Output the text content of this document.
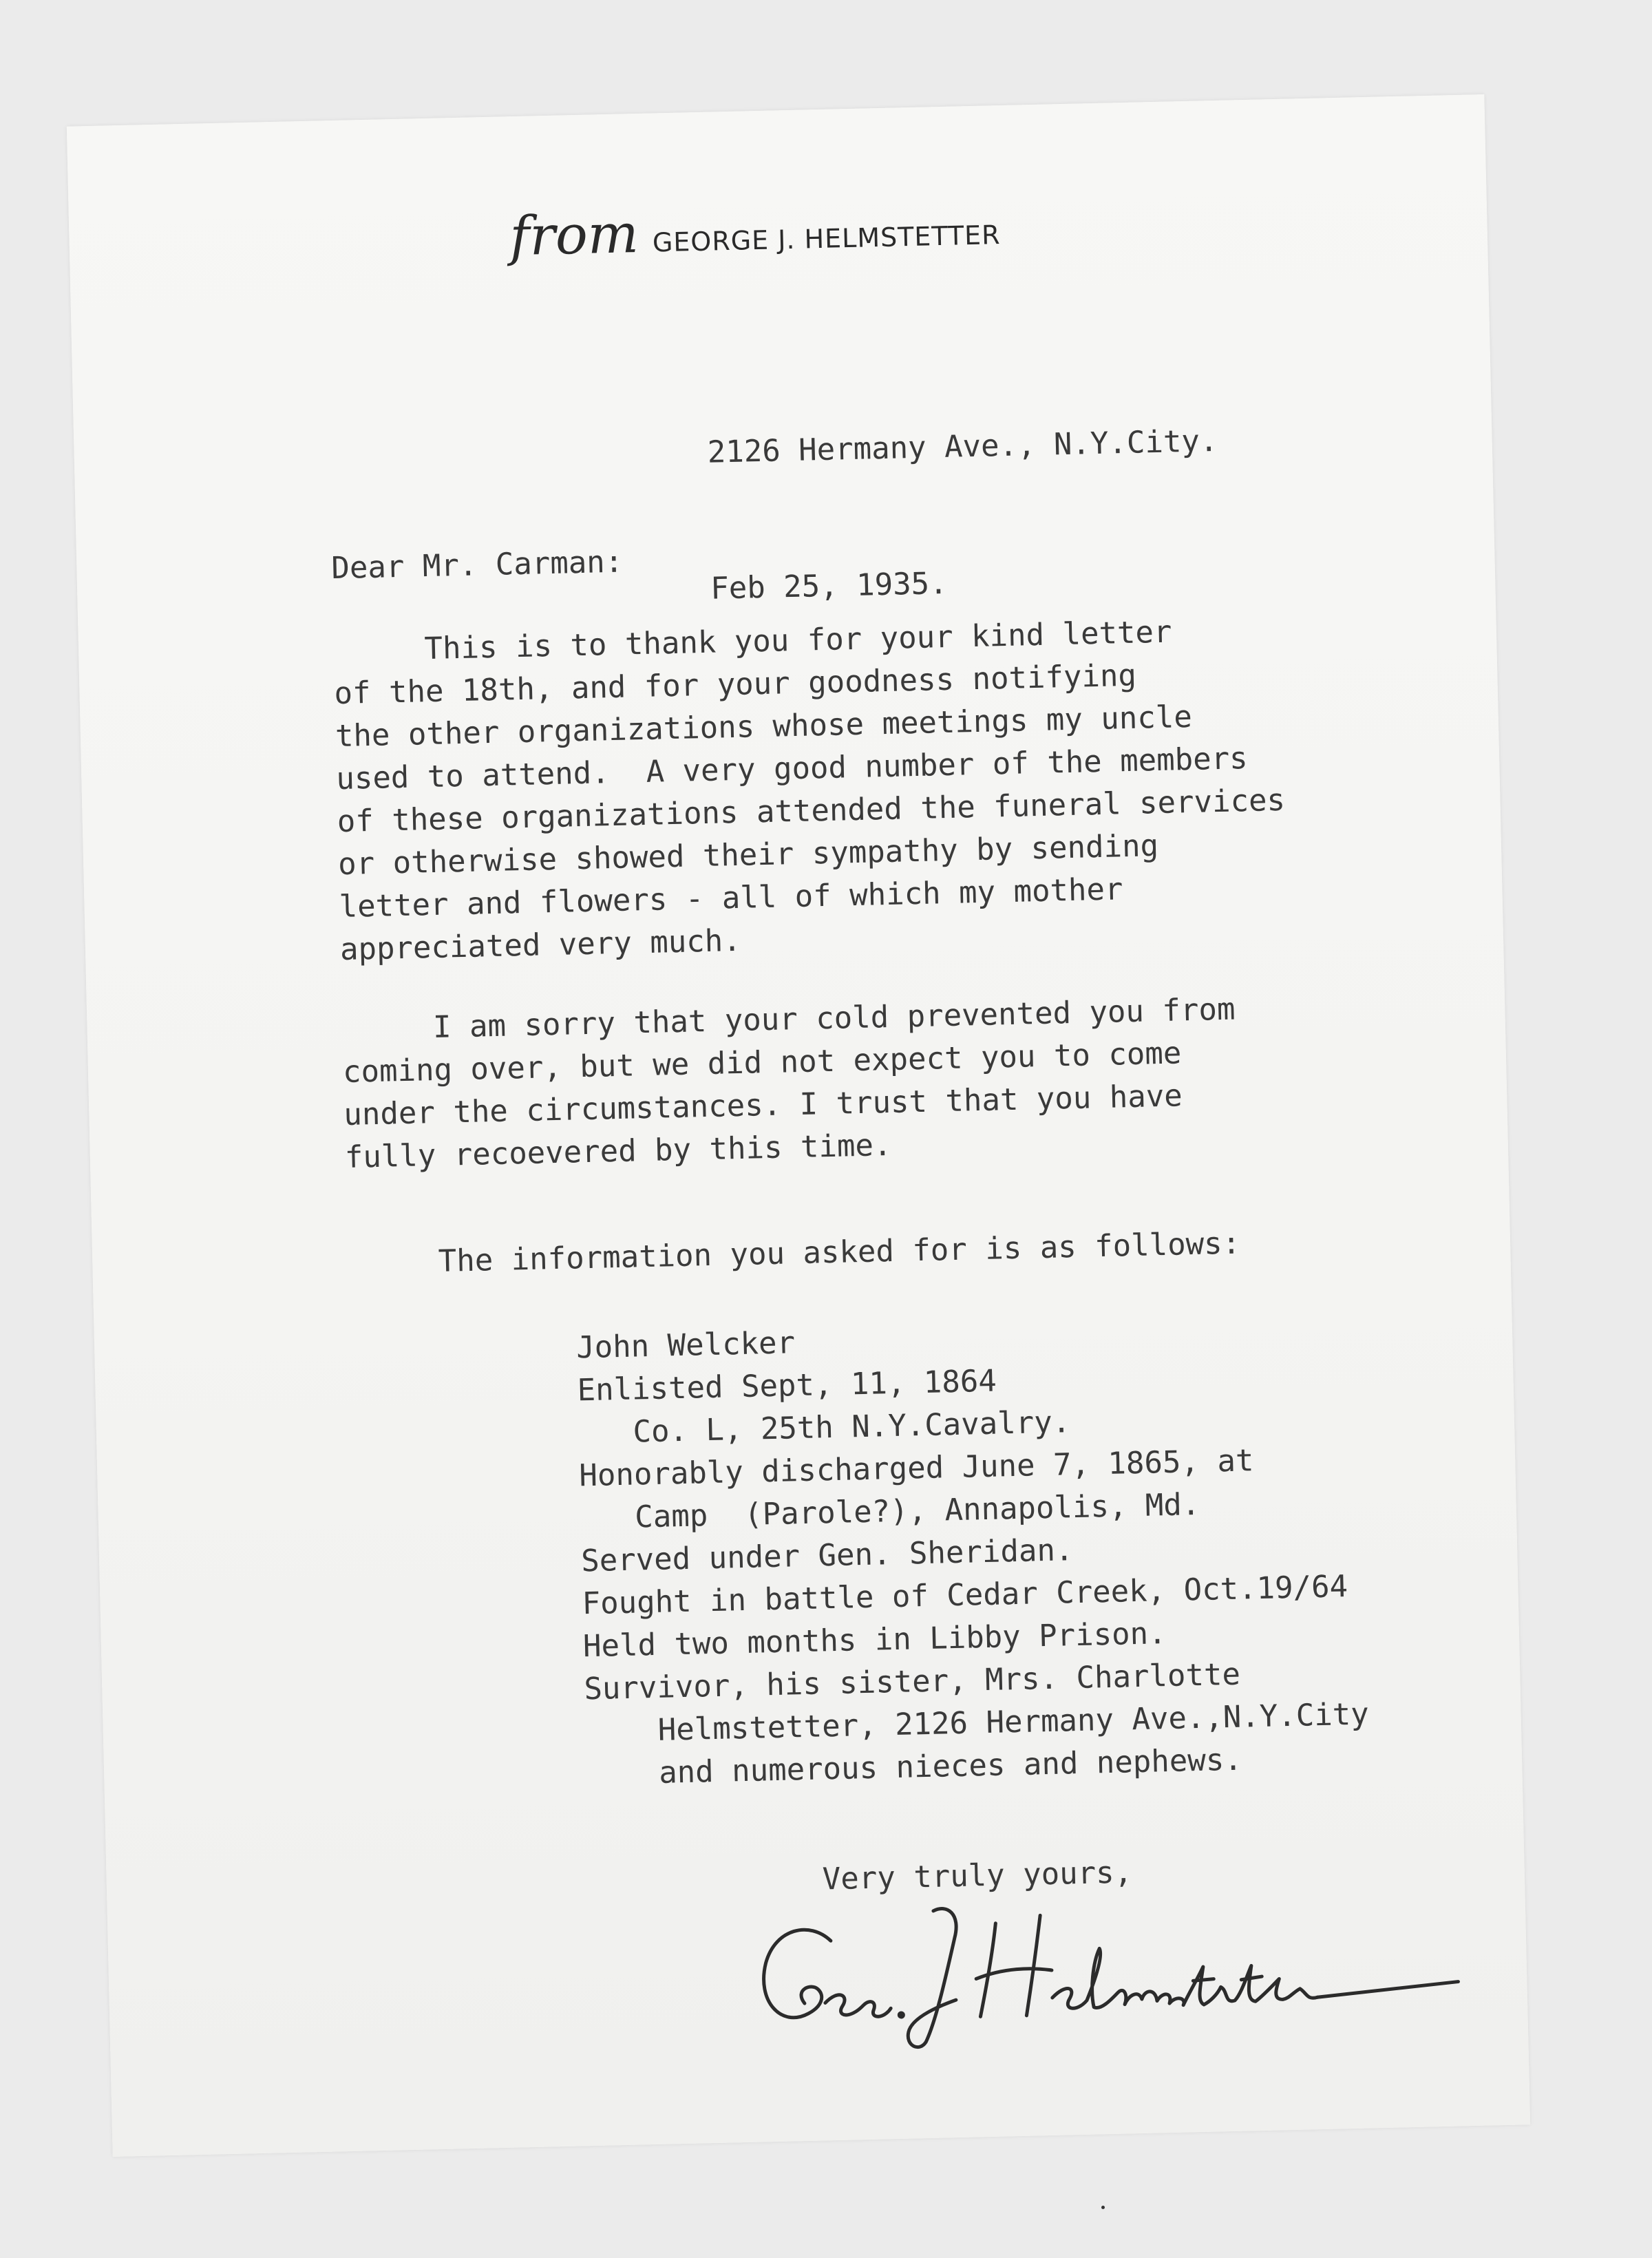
from GEORGE J. HELMSTETTER

2126 Hermany Ave., N.Y.City.

Feb 25, 1935.

Dear Mr. Carman:
This is to thank you for your kind letter
of the 18th, and for your goodness notifying
the other organizations whose meetings my uncle
used to attend.  A very good number of the members
of these organizations attended the funeral services
or otherwise showed their sympathy by sending
letter and flowers - all of which my mother
appreciated very much.
I am sorry that your cold prevented you from
coming over, but we did not expect you to come
under the circumstances. I trust that you have
fully recoevered by this time.
The information you asked for is as follows:
John Welcker
Enlisted Sept, 11, 1864
Co. L, 25th N.Y.Cavalry.
Honorably discharged June 7, 1865, at
Camp  (Parole?), Annapolis, Md.
Served under Gen. Sheridan.
Fought in battle of Cedar Creek, Oct.19/64
Held two months in Libby Prison.
Survivor, his sister, Mrs. Charlotte
Helmstetter, 2126 Hermany Ave.,N.Y.City
and numerous nieces and nephews.
Very truly yours,
